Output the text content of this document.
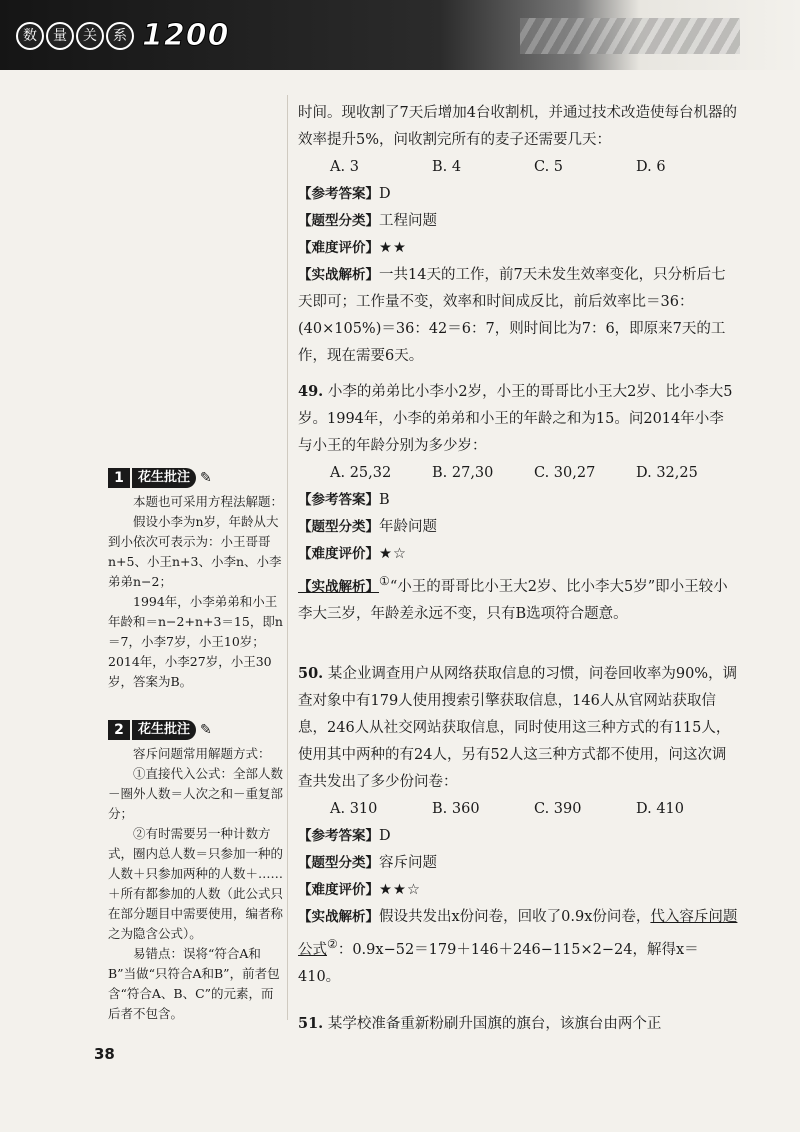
数	量	关	系 1200
1	花生批注 ✎

本题也可采用方程法解题：

假设小李为n岁，年龄从大到小依次可表示为：小王哥哥n+5、小王n+3、小李n、小李弟弟n−2；

1994年，小李弟弟和小王年龄和＝n−2+n+3＝15，即n＝7，小李7岁，小王10岁；2014年，小李27岁，小王30岁，答案为B。

2	花生批注 ✎

容斥问题常用解题方式：

①直接代入公式：全部人数－圈外人数＝人次之和－重复部分；

②有时需要另一种计数方式，圈内总人数＝只参加一种的人数＋只参加两种的人数＋……＋所有都参加的人数（此公式只在部分题目中需要使用，编者称之为隐含公式）。

易错点：误将“符合A和B”当做“只符合A和B”，前者包含“符合A、B、C”的元素，而后者不包含。

时间。现收割了7天后增加4台收割机，并通过技术改造使每台机器的效率提升5%，问收割完所有的麦子还需要几天：

A. 3	B. 4	C. 5	D. 6

【参考答案】D

【题型分类】工程问题

【难度评价】★★

【实战解析】一共14天的工作，前7天未发生效率变化，只分析后七天即可；工作量不变，效率和时间成反比，前后效率比＝36：(40×105%)＝36：42＝6：7，则时间比为7：6，即原来7天的工作，现在需要6天。

49. 小李的弟弟比小李小2岁，小王的哥哥比小王大2岁、比小李大5岁。1994年，小李的弟弟和小王的年龄之和为15。问2014年小李与小王的年龄分别为多少岁：

A. 25,32	B. 27,30	C. 30,27	D. 32,25

【参考答案】B

【题型分类】年龄问题

【难度评价】★☆

【实战解析】①“小王的哥哥比小王大2岁、比小李大5岁”即小王较小李大三岁，年龄差永远不变，只有B选项符合题意。

50. 某企业调查用户从网络获取信息的习惯，问卷回收率为90%，调查对象中有179人使用搜索引擎获取信息，146人从官网站获取信息，246人从社交网站获取信息，同时使用这三种方式的有115人，使用其中两种的有24人，另有52人这三种方式都不使用，问这次调查共发出了多少份问卷：

A. 310	B. 360	C. 390	D. 410

【参考答案】D

【题型分类】容斥问题

【难度评价】★★☆

【实战解析】假设共发出x份问卷，回收了0.9x份问卷，代入容斥问题公式②：0.9x−52＝179＋146＋246−115×2−24，解得x＝410。

51. 某学校准备重新粉刷升国旗的旗台，该旗台由两个正

38
